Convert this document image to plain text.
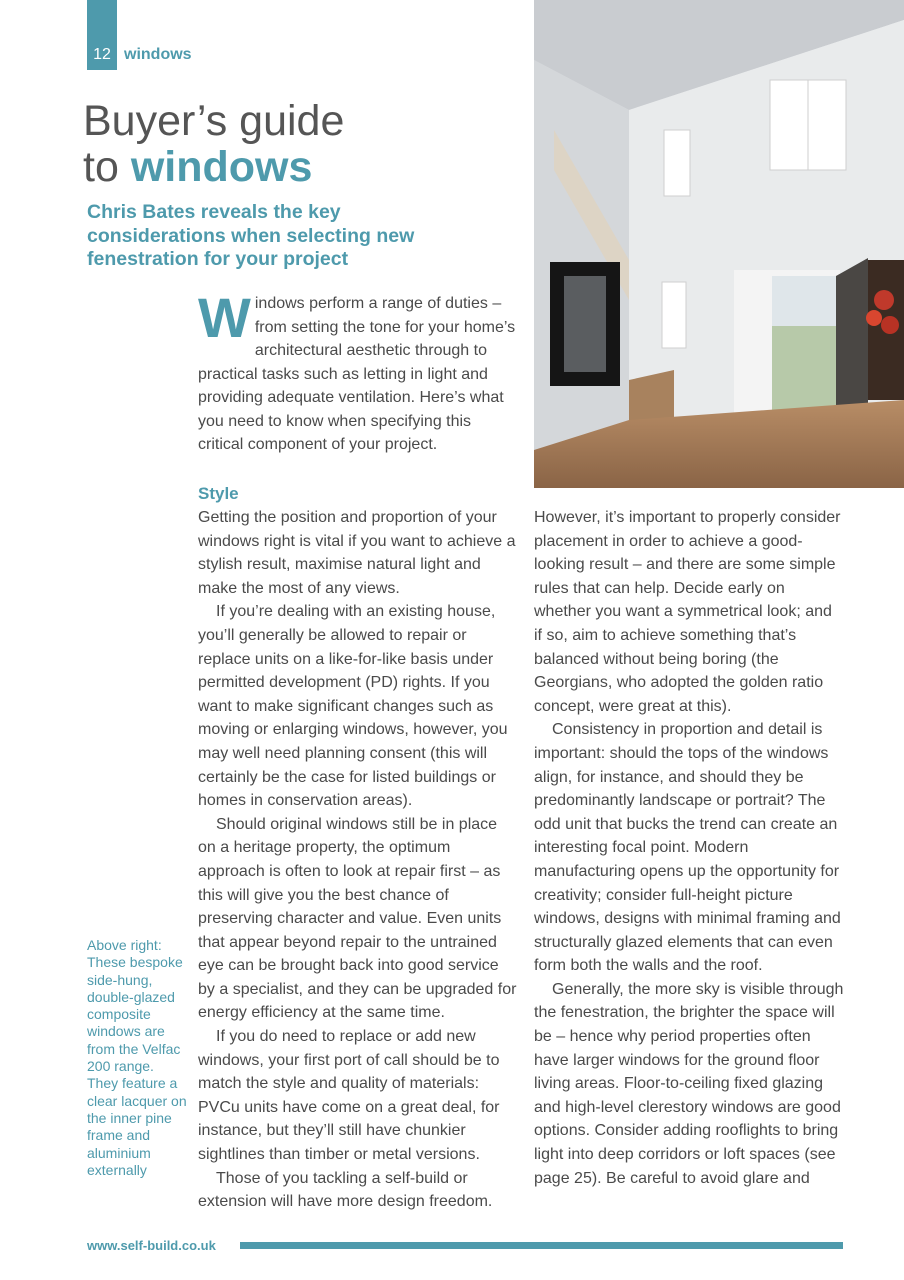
12 windows
Buyer’s guide
to windows

Chris Bates reveals the key considerations when selecting new fenestration for your project

Windows perform a range of duties – from setting the tone for your home’s architectural aesthetic through to practical tasks such as letting in light and providing adequate ventilation. Here’s what you need to know when specifying this critical component of your project.

Style

Getting the position and proportion of your windows right is vital if you want to achieve a stylish result, maximise natural light and make the most of any views.

If you’re dealing with an existing house, you’ll generally be allowed to repair or replace units on a like-for-like basis under permitted development (PD) rights. If you want to make significant changes such as moving or enlarging windows, however, you may well need planning consent (this will certainly be the case for listed buildings or homes in conservation areas).

Should original windows still be in place on a heritage property, the optimum approach is often to look at repair first – as this will give you the best chance of preserving character and value. Even units that appear beyond repair to the untrained eye can be brought back into good service by a specialist, and they can be upgraded for energy efficiency at the same time.

If you do need to replace or add new windows, your first port of call should be to match the style and quality of materials: PVCu units have come on a great deal, for instance, but they’ll still have chunkier sightlines than timber or metal versions.

Those of you tackling a self-build or extension will have more design freedom.

However, it’s important to properly consider placement in order to achieve a good-looking result – and there are some simple rules that can help. Decide early on whether you want a symmetrical look; and if so, aim to achieve something that’s balanced without being boring (the Georgians, who adopted the golden ratio concept, were great at this).

Consistency in proportion and detail is important: should the tops of the windows align, for instance, and should they be predominantly landscape or portrait? The odd unit that bucks the trend can create an interesting focal point. Modern manufacturing opens up the opportunity for creativity; consider full-height picture windows, designs with minimal framing and structurally glazed elements that can even form both the walls and the roof.

Generally, the more sky is visible through the fenestration, the brighter the space will be – hence why period properties often have larger windows for the ground floor living areas. Floor-to-ceiling fixed glazing and high-level clerestory windows are good options. Consider adding rooflights to bring light into deep corridors or loft spaces (see page 25). Be careful to avoid glare and

Above right: These bespoke side-hung, double-glazed composite windows are from the Velfac 200 range. They feature a clear lacquer on the inner pine frame and aluminium externally

www.self-build.co.uk
